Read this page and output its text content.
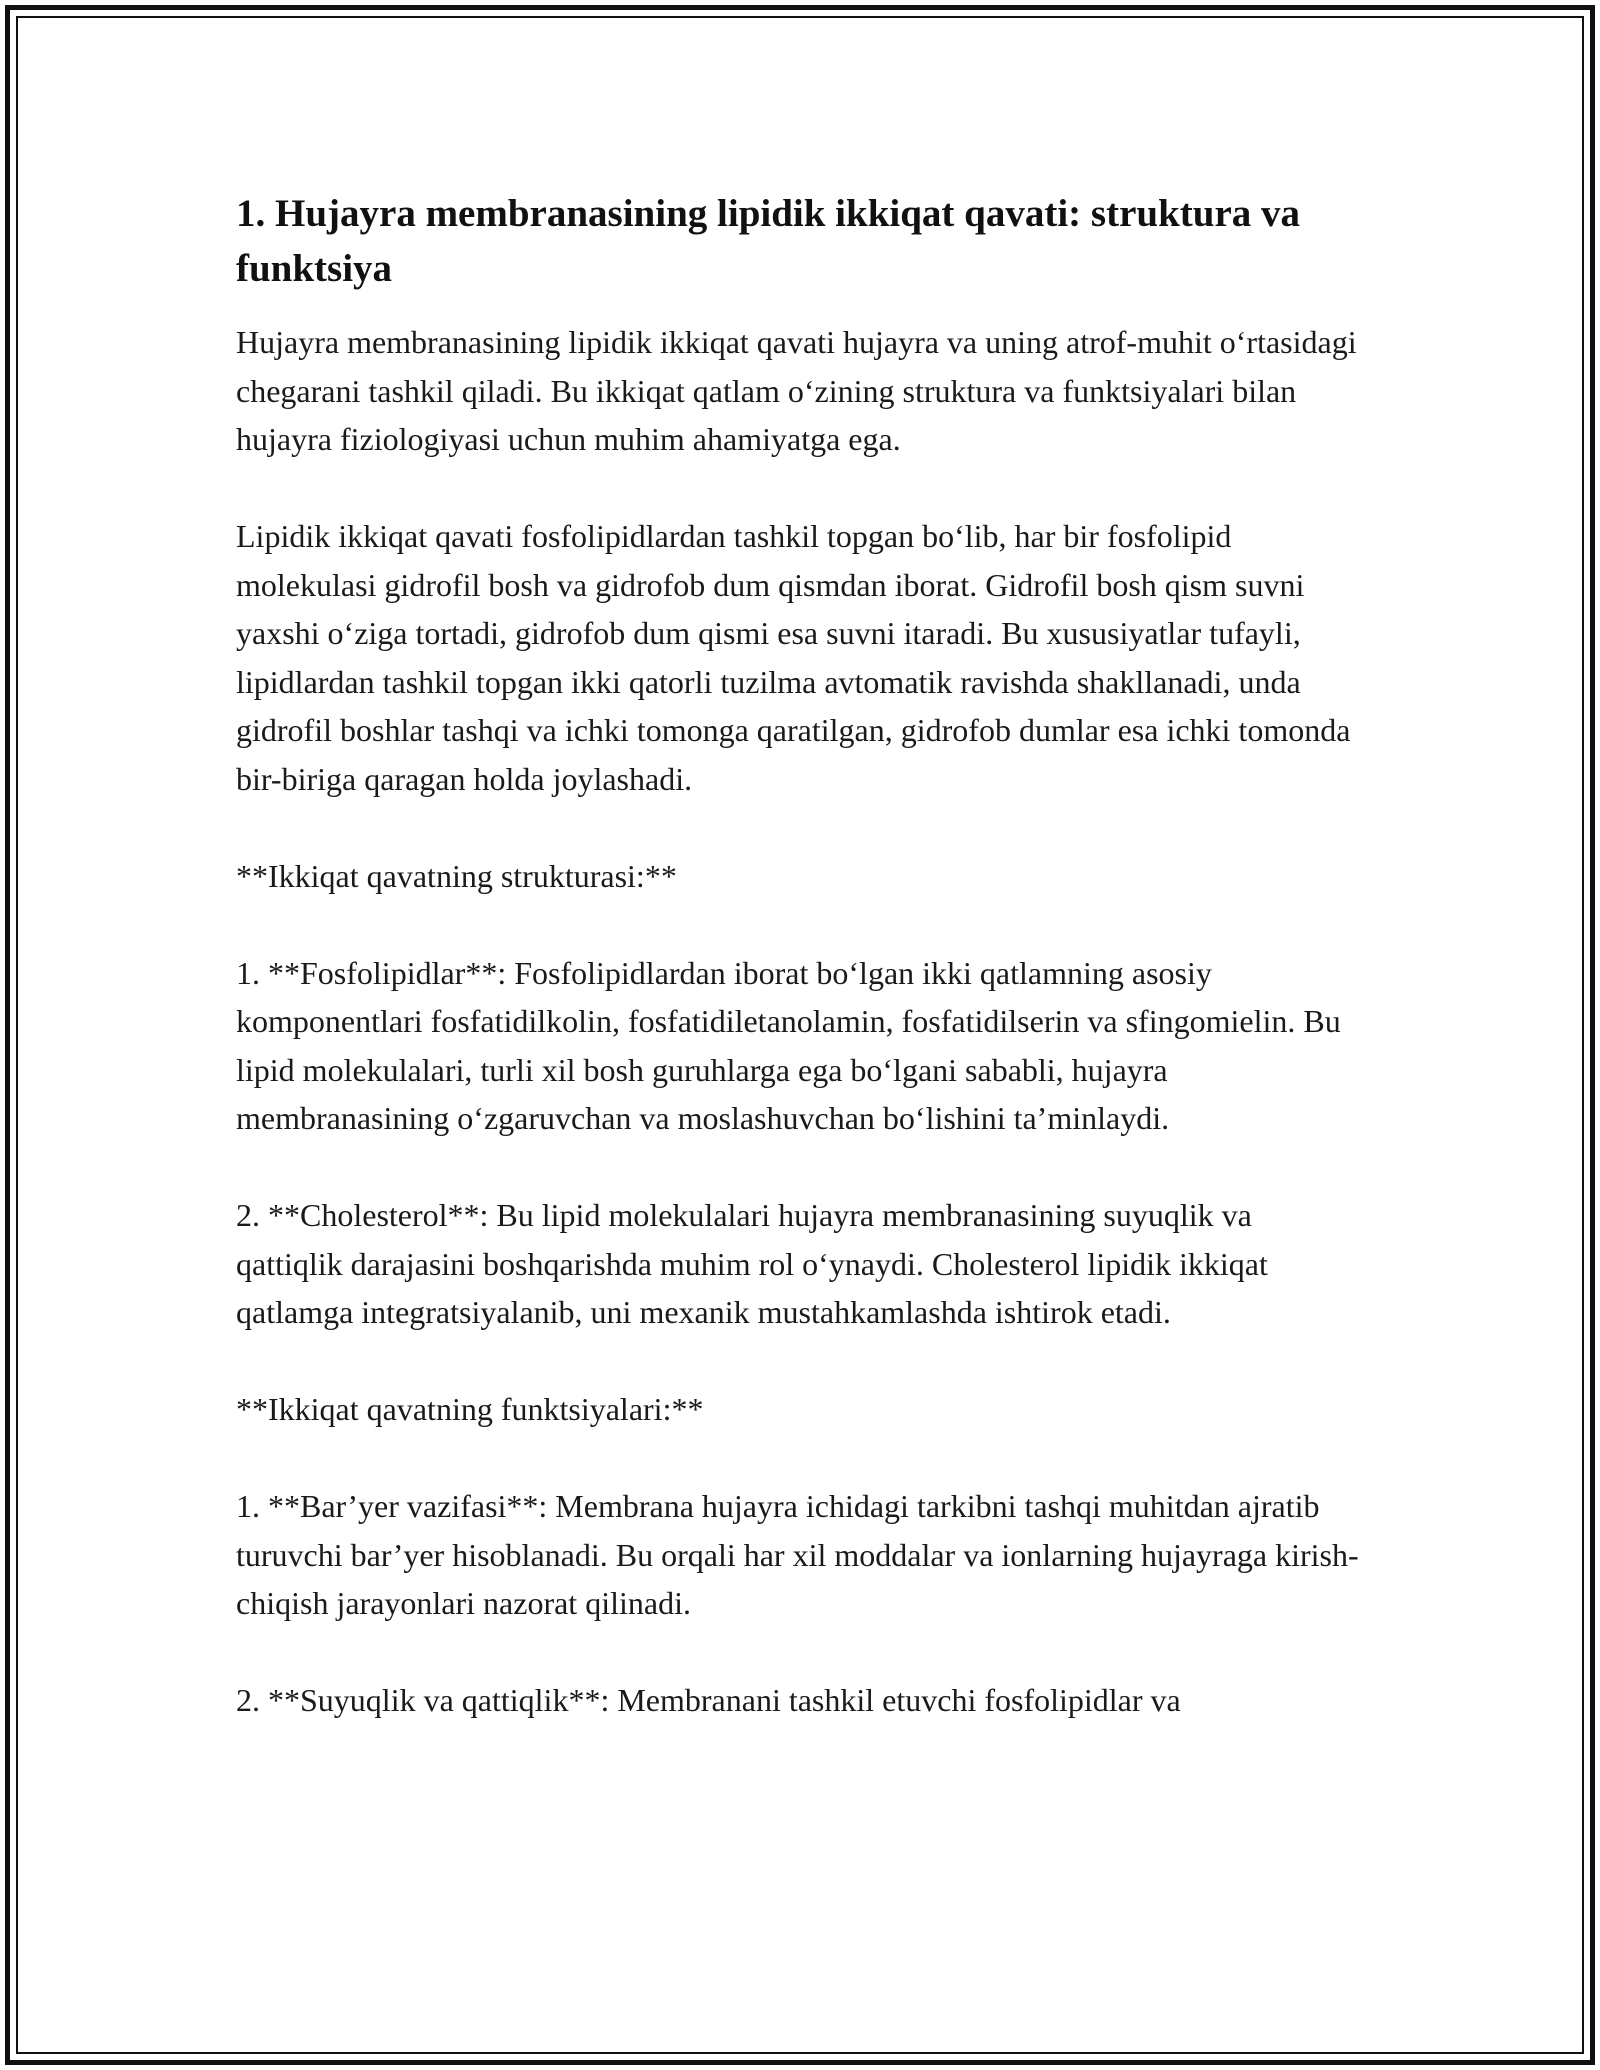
1. Hujayra membranasining lipidik ikkiqat qavati: struktura va funktsiya

Hujayra membranasining lipidik ikkiqat qavati hujayra va uning atrof-muhit o‘rtasidagi chegarani tashkil qiladi. Bu ikkiqat qatlam o‘zining struktura va funktsiyalari bilan hujayra fiziologiyasi uchun muhim ahamiyatga ega.

Lipidik ikkiqat qavati fosfolipidlardan tashkil topgan bo‘lib, har bir fosfolipid molekulasi gidrofil bosh va gidrofob dum qismdan iborat. Gidrofil bosh qism suvni yaxshi o‘ziga tortadi, gidrofob dum qismi esa suvni itaradi. Bu xususiyatlar tufayli, lipidlardan tashkil topgan ikki qatorli tuzilma avtomatik ravishda shakllanadi, unda gidrofil boshlar tashqi va ichki tomonga qaratilgan, gidrofob dumlar esa ichki tomonda bir-biriga qaragan holda joylashadi.

**Ikkiqat qavatning strukturasi:**

1. **Fosfolipidlar**: Fosfolipidlardan iborat bo‘lgan ikki qatlamning asosiy komponentlari fosfatidilkolin, fosfatidiletanolamin, fosfatidilserin va sfingomielin. Bu lipid molekulalari, turli xil bosh guruhlarga ega bo‘lgani sababli, hujayra membranasining o‘zgaruvchan va moslashuvchan bo‘lishini ta’minlaydi.

2. **Cholesterol**: Bu lipid molekulalari hujayra membranasining suyuqlik va qattiqlik darajasini boshqarishda muhim rol o‘ynaydi. Cholesterol lipidik ikkiqat qatlamga integratsiyalanib, uni mexanik mustahkamlashda ishtirok etadi.

**Ikkiqat qavatning funktsiyalari:**

1. **Bar’yer vazifasi**: Membrana hujayra ichidagi tarkibni tashqi muhitdan ajratib turuvchi bar’yer hisoblanadi. Bu orqali har xil moddalar va ionlarning hujayraga kirish-chiqish jarayonlari nazorat qilinadi.

2. **Suyuqlik va qattiqlik**: Membranani tashkil etuvchi fosfolipidlar va
